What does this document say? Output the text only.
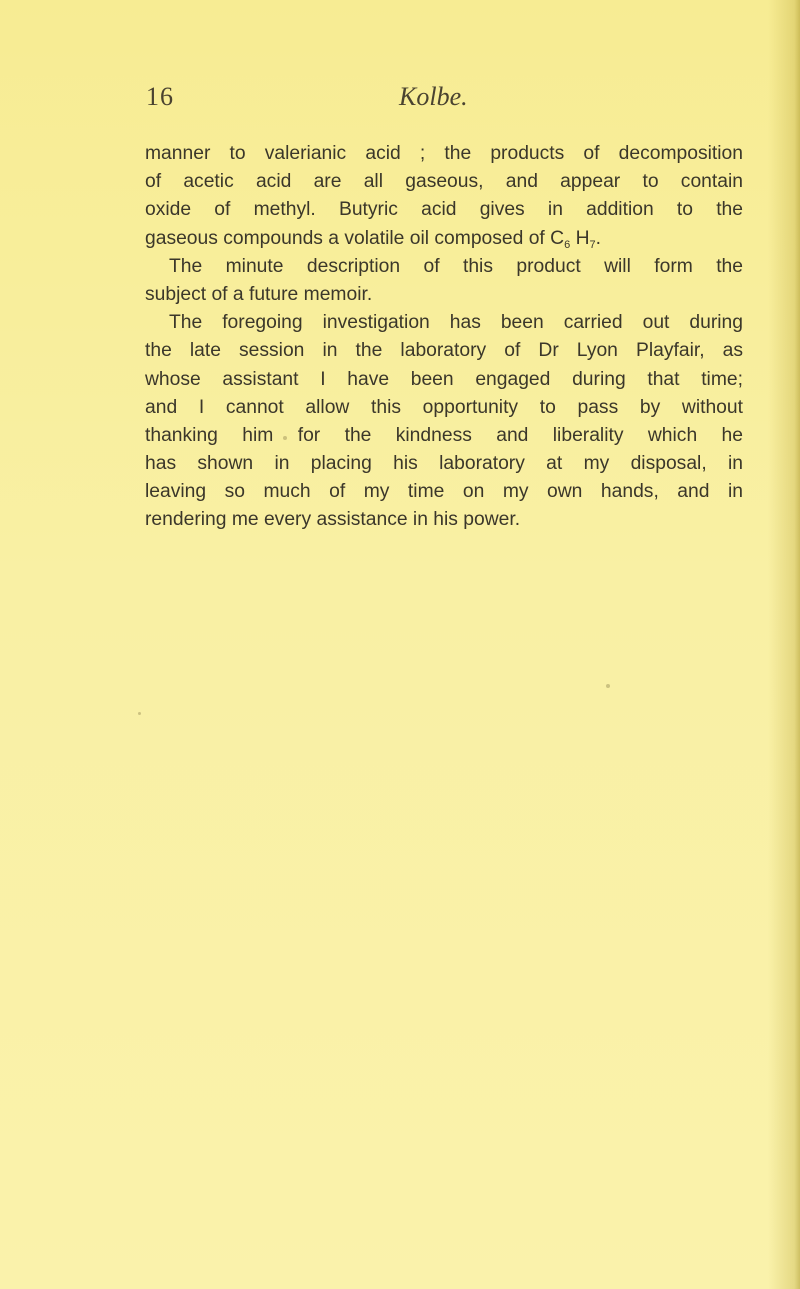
16	Kolbe.
manner to valerianic acid ; the products of decomposition
of acetic acid are all gaseous, and appear to contain
oxide of methyl. Butyric acid gives in addition to the
gaseous compounds a volatile oil composed of $C_6$ $H_7$.
The minute description of this product will form the
subject of a future memoir.
The foregoing investigation has been carried out during
the late session in the laboratory of Dr Lyon Playfair, as
whose assistant I have been engaged during that time;
and I cannot allow this opportunity to pass by without
thanking him for the kindness and liberality which he
has shown in placing his laboratory at my disposal, in
leaving so much of my time on my own hands, and in
rendering me every assistance in his power.
